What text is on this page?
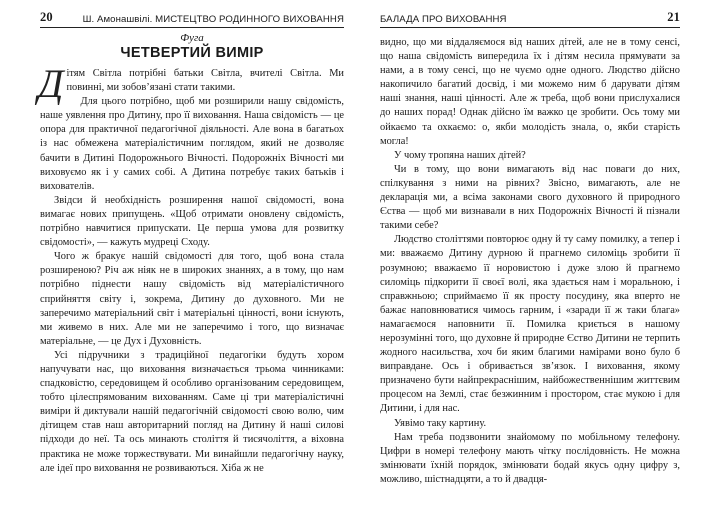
20	Ш. Амонашвілі. МИСТЕЦТВО РОДИННОГО ВИХОВАННЯ
Фуга
ЧЕТВЕРТИЙ ВИМІР

Дітям Світла потрібні батьки Світла, вчителі Світла. Ми повинні, ми зобов’язані стати такими.

Для цього потрібно, щоб ми розширили нашу свідомість, наше уявлення про Дитину, про її виховання. Наша свідомість — це опора для практичної педагогічної діяльності. Але вона в багатьох із нас обмежена матеріалістичним поглядом, який не дозволяє бачити в Дитині Подорожнього Вічності. Подорожніх Вічності ми виховуємо як і у самих собі. А Дитина потребує таких батьків і вихователів.

Звідси й необхідність розширення нашої свідомості, вона вимагає нових припущень. «Щоб отримати оновлену свідомість, потрібно навчитися припускати. Це перша умова для розвитку свідомості», — кажуть мудреці Сходу.

Чого ж бракує нашій свідомості для того, щоб вона стала розширеною? Річ аж ніяк не в широких знаннях, а в тому, що нам потрібно піднести нашу свідомість від матеріалістичного сприйняття світу і, зокрема, Дитину до духовного. Ми не заперечимо матеріальний світ і матеріальні цінності, вони існують, ми живемо в них. Але ми не заперечимо і того, що визначає матеріальне, — це Дух і Духовність.

Усі підручники з традиційної педагогіки будуть хором напучувати нас, що виховання визначається трьома чинниками: спадковістю, середовищем й особливо організованим середовищем, тобто цілеспрямованим вихованням. Саме ці три матеріалістичні виміри й диктували нашій педагогічній свідомості свою волю, чим дітищем став наш авторитарний погляд на Дитину й наші силові підходи до неї. Та ось минають століття й тисячоліття, а віховна практика не може торжествувати. Ми винайшли педагогічну науку, але ідеї про виховання не розвиваються. Хіба ж не

БАЛАДА ПРО ВИХОВАННЯ	21

видно, що ми віддаляємося від наших дітей, але не в тому сенсі, що наша свідомість випередила їх і дітям несила прямувати за нами, а в тому сенсі, що не чуємо одне одного. Людство дійсно накопичило багатий досвід, і ми можемо ним б дарувати дітям наші знання, наші цінності. Але ж треба, щоб вони прислухалися до наших порад! Однак дійсно їм важко це зробити. Ось тому ми ойкаємо та охкаємо: о, якби молодість знала, о, якби старість могла!

У чому тропяна наших дітей?

Чи в тому, що вони вимагають від нас поваги до них, спілкування з ними на рівних? Звісно, вимагають, але не декларація ми, а всіма законами свого духовного й природного Єства — щоб ми визнавали в них Подорожніх Вічності й пізнали такими себе?

Людство століттями повторює одну й ту саму помилку, а тепер і ми: вважаємо Дитину дурною й прагнемо силоміць зробити її розумною; вважаємо її норовистою і дуже злою й прагнемо силоміць підкорити її своєї волі, яка здається нам і моральною, і справжньою; сприймаємо її як просту посудину, яка вперто не бажає наповнюватися чимось гарним, і «заради її ж таки блага» намагаємося наповнити її. Помилка криється в нашому нерозумінні того, що духовне й природне Єство Дитини не терпить жодного насильства, хоч би яким благими намірами воно було б виправдане. Ось і обривається зв’язок. І виховання, якому призначено бути найпрекраснішим, найбожественнішим життєвим процесом на Землі, стає безжинним і простором, стає мукою і для Дитини, і для нас.

Уявімо таку картину.

Нам треба подзвонити знайомому по мобільному телефону. Цифри в номері телефону мають чітку послідовність. Не можна змінювати їхній порядок, змінювати бодай якусь одну цифру з, можливо, шістнадцяти, а то й двадця-
